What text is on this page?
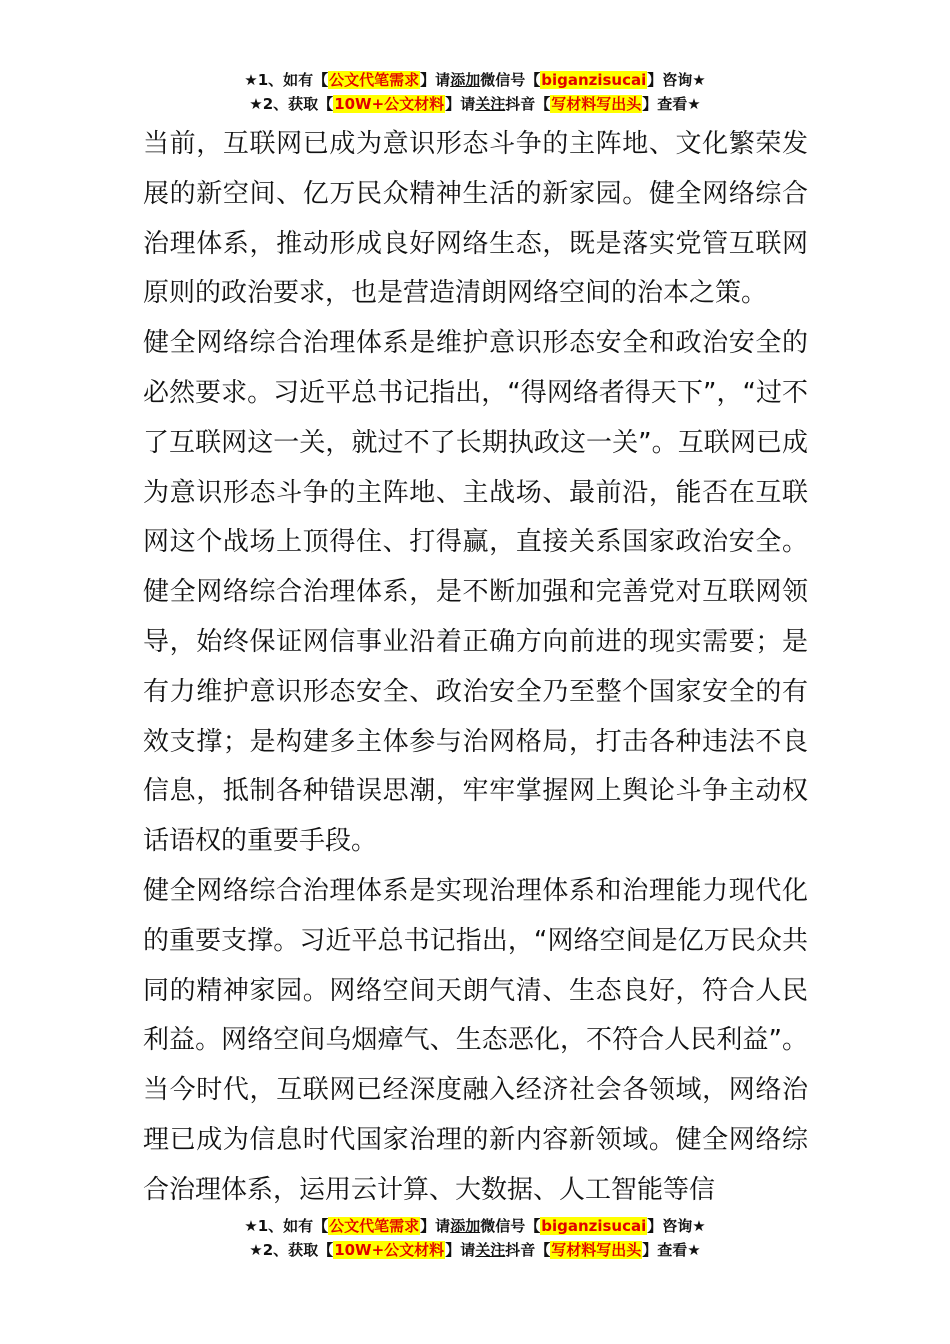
★1、如有【公文代笔需求】请添加微信号【biganzisucai】咨询★
★2、获取【10W+公文材料】请关注抖音【写材料写出头】查看★

当前，互联网已成为意识形态斗争的主阵地、文化繁荣发展的新空间、亿万民众精神生活的新家园。健全网络综合治理体系，推动形成良好网络生态，既是落实党管互联网原则的政治要求，也是营造清朗网络空间的治本之策。

健全网络综合治理体系是维护意识形态安全和政治安全的必然要求。习近平总书记指出，“得网络者得天下”，“过不了互联网这一关，就过不了长期执政这一关”。互联网已成为意识形态斗争的主阵地、主战场、最前沿，能否在互联网这个战场上顶得住、打得赢，直接关系国家政治安全。健全网络综合治理体系，是不断加强和完善党对互联网领导，始终保证网信事业沿着正确方向前进的现实需要；是有力维护意识形态安全、政治安全乃至整个国家安全的有效支撑；是构建多主体参与治网格局，打击各种违法不良信息，抵制各种错误思潮，牢牢掌握网上舆论斗争主动权话语权的重要手段。

健全网络综合治理体系是实现治理体系和治理能力现代化的重要支撑。习近平总书记指出，“网络空间是亿万民众共同的精神家园。网络空间天朗气清、生态良好，符合人民利益。网络空间乌烟瘴气、生态恶化，不符合人民利益”。当今时代，互联网已经深度融入经济社会各领域，网络治理已成为信息时代国家治理的新内容新领域。健全网络综合治理体系，运用云计算、大数据、人工智能等信

★1、如有【公文代笔需求】请添加微信号【biganzisucai】咨询★
★2、获取【10W+公文材料】请关注抖音【写材料写出头】查看★
